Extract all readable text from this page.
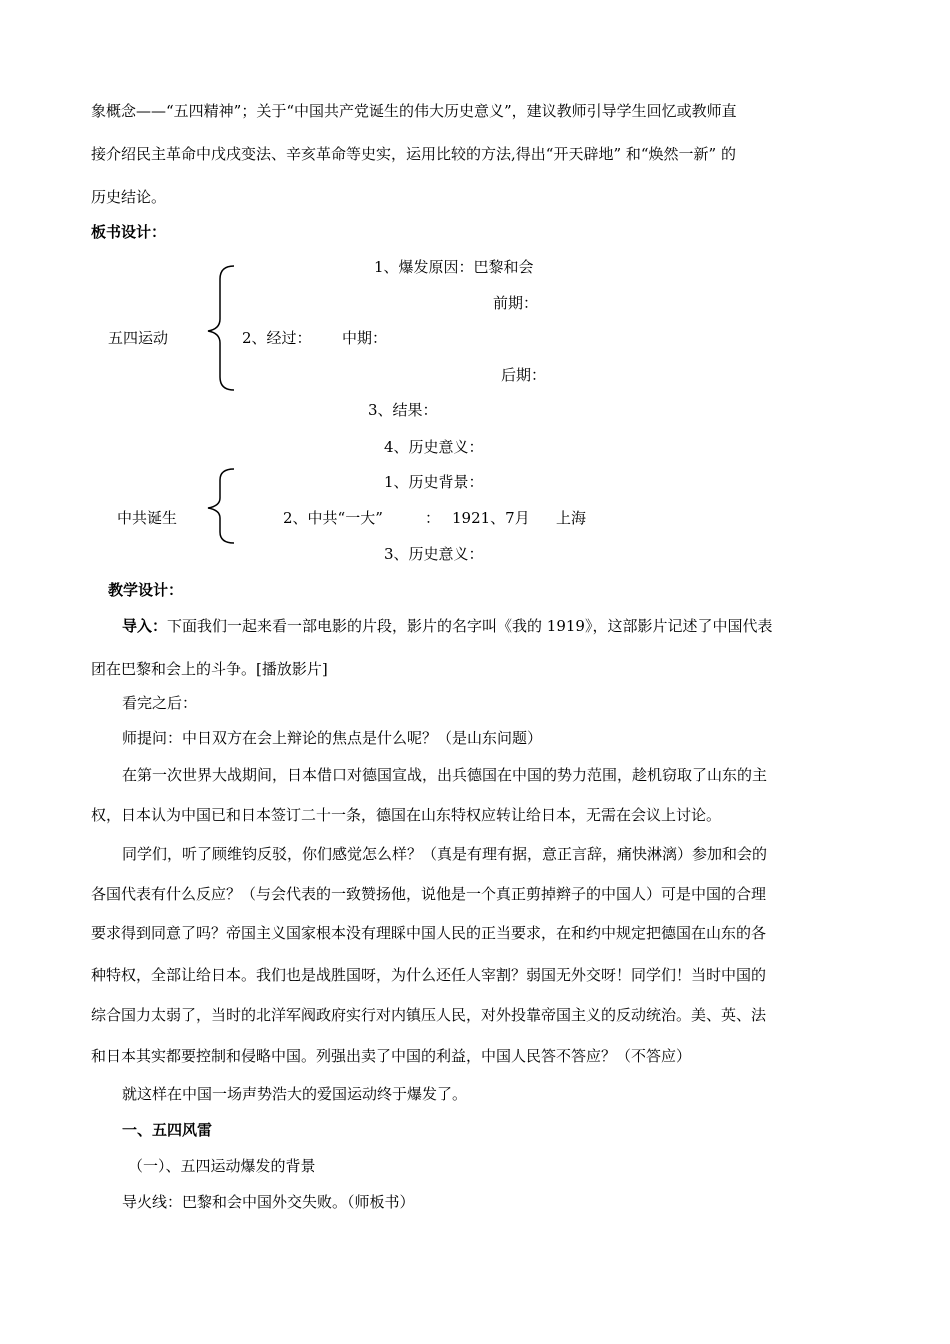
象概念——“五四精神”；关于“中国共产党诞生的伟大历史意义”，建议教师引导学生回忆或教师直
接介绍民主革命中戊戌变法、辛亥革命等史实，运用比较的方法,得出“开天辟地” 和“焕然一新” 的
历史结论。
板书设计：
五四运动
1、爆发原因：巴黎和会
前期：
2、经过： 中期：
后期：
3、结果：
4、历史意义：
中共诞生
1、历史背景：
2、中共“一大”	： 1921、7月 上海
3、历史意义：
教学设计：
导入：下面我们一起来看一部电影的片段，影片的名字叫《我的 1919》，这部影片记述了中国代表
团在巴黎和会上的斗争。[播放影片]
看完之后：
师提问：中日双方在会上辩论的焦点是什么呢？（是山东问题）
在第一次世界大战期间，日本借口对德国宣战，出兵德国在中国的势力范围，趁机窃取了山东的主
权，日本认为中国已和日本签订二十一条，德国在山东特权应转让给日本，无需在会议上讨论。
同学们，听了顾维钧反驳，你们感觉怎么样？（真是有理有据，意正言辞，痛快淋漓）参加和会的
各国代表有什么反应？（与会代表的一致赞扬他，说他是一个真正剪掉辫子的中国人）可是中国的合理
要求得到同意了吗？帝国主义国家根本没有理睬中国人民的正当要求，在和约中规定把德国在山东的各
种特权，全部让给日本。我们也是战胜国呀，为什么还任人宰割？弱国无外交呀！同学们！当时中国的
综合国力太弱了，当时的北洋军阀政府实行对内镇压人民，对外投靠帝国主义的反动统治。美、英、法
和日本其实都要控制和侵略中国。列强出卖了中国的利益，中国人民答不答应？（不答应）
就这样在中国一场声势浩大的爱国运动终于爆发了。
一、五四风雷
（一）、五四运动爆发的背景
导火线：巴黎和会中国外交失败。（师板书）
